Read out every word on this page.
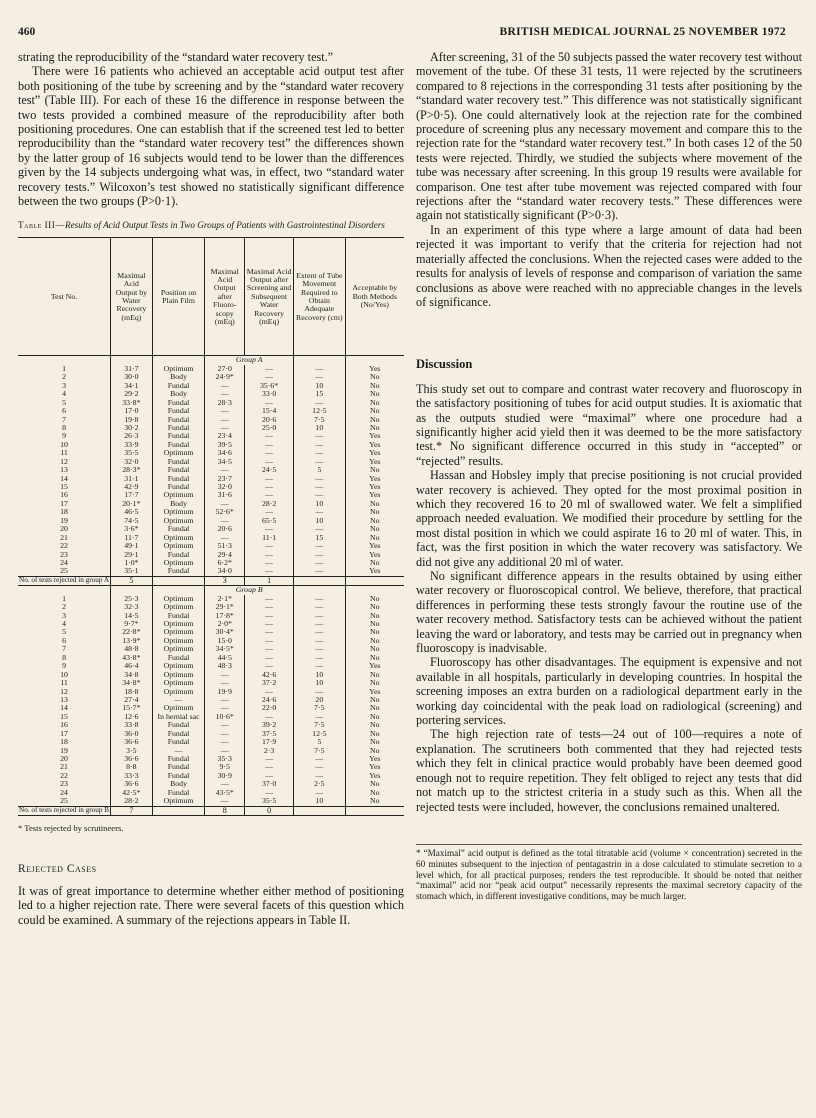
460	BRITISH MEDICAL JOURNAL 25 NOVEMBER 1972

strating the reproducibility of the “standard water recovery test.”

There were 16 patients who achieved an acceptable acid output test after both positioning of the tube by screening and by the “standard water recovery test” (Table III). For each of these 16 the difference in response between the two tests provided a combined measure of the reproducibility after both positioning procedures. One can establish that if the screened test led to better reproducibility than the “standard water recovery test” the differences shown by the latter group of 16 subjects would tend to be lower than the differences given by the 14 subjects undergoing what was, in effect, two “standard water recovery tests.” Wilcoxon’s test showed no statistically significant difference between the two groups (P>0·1).

Table III—Results of Acid Output Tests in Two Groups of Patients with Gastrointestinal Disorders
Test No.	Maximal Acid Output by Water Recovery (mEq)	Position on Plain Film	Maximal Acid Output after Fluoro-scopy (mEq)	Maximal Acid Output after Screening and Subsequent Water Recovery (mEq)	Extent of Tube Movement Required to Obtain Adequate Recovery (cm)	Acceptable by Both Methods (No/Yes)
			Group A			
1	31·7	Optimum	27·0	—	—	Yes
2	30·0	Body	24·9*	—	—	No
3	34·1	Fundal	—	35·6*	10	No
4	29·2	Body	—	33·0	15	No
5	33·8*	Fundal	28·3	—	—	No
6	17·0	Fundal	—	15·4	12·5	No
7	19·8	Fundal	—	20·6	7·5	No
8	30·2	Fundal	—	25·0	10	No
9	26·3	Fundal	23·4	—	—	Yes
10	33·9	Fundal	39·5	—	—	Yes
11	35·5	Optimum	34·6	—	—	Yes
12	32·0	Fundal	34·5	—	—	Yes
13	28·3*	Fundal	—	24·5	5	No
14	31·1	Fundal	23·7	—	—	Yes
15	42·9	Fundal	32·0	—	—	Yes
16	17·7	Optimum	31·6	—	—	Yes
17	20·1*	Body	—	28·2	10	No
18	46·5	Optimum	52·6*	—	—	No
19	74·5	Optimum	—	65·5	10	No
20	3·6*	Fundal	20·6	—	—	No
21	11·7	Optimum	—	11·1	15	No
22	49·1	Optimum	51·3	—	—	Yes
23	29·1	Fundal	29·4	—	—	Yes
24	1·0*	Optimum	6·2*	—	—	No
25	35·1	Fundal	34·0	—	—	Yes
No. of tests rejected in group A	5		3	1		
			Group B			
1	25·3	Optimum	2·1*	—	—	No
2	32·3	Optimum	29·1*	—	—	No
3	14·5	Fundal	17·8*	—	—	No
4	9·7*	Optimum	2·0*	—	—	No
5	22·8*	Optimum	30·4*	—	—	No
6	13·9*	Optimum	15·0	—	—	No
7	48·8	Optimum	34·5*	—	—	No
8	43·8*	Fundal	44·5	—	—	No
9	46·4	Optimum	48·3	—	—	Yes
10	34·8	Optimum	—	42·6	10	No
11	34·8*	Optimum	—	37·2	10	No
12	18·8	Optimum	19·9	—	—	Yes
13	27·4	—	—	24·6	20	No
14	15·7*	Optimum	—	22·0	7·5	No
15	12·6	In hernial sac	10·6*	—	—	No
16	33·8	Fundal	—	39·2	7·5	No
17	36·0	Fundal	—	37·5	12·5	No
18	36·6	Fundal	—	17·9	5	No
19	3·5	—	—	2·3	7·5	No
20	36·6	Fundal	35·3	—	—	Yes
21	8·8	Fundal	9·5	—	—	Yes
22	33·3	Fundal	30·9	—	—	Yes
23	36·6	Body	—	37·0	2·5	No
24	42·5*	Fundal	43·5*	—	—	No
25	28·2	Optimum	—	35·5	10	No
No. of tests rejected in group B	7		8	0		
* Tests rejected by scrutineers.
Rejected Cases

It was of great importance to determine whether either method of positioning led to a higher rejection rate. There were several facets of this question which could be examined. A summary of the rejections appears in Table II.

After screening, 31 of the 50 subjects passed the water recovery test without movement of the tube. Of these 31 tests, 11 were rejected by the scrutineers compared to 8 rejections in the corresponding 31 tests after positioning by the “standard water recovery test.” This difference was not statistically significant (P>0·5). One could alternatively look at the rejection rate for the combined procedure of screening plus any necessary movement and compare this to the rejection rate for the “standard water recovery test.” In both cases 12 of the 50 tests were rejected. Thirdly, we studied the subjects where movement of the tube was necessary after screening. In this group 19 results were available for comparison. One test after tube movement was rejected compared with four rejections after the “standard water recovery tests.” These differences were again not statistically significant (P>0·3).

In an experiment of this type where a large amount of data had been rejected it was important to verify that the criteria for rejection had not materially affected the conclusions. When the rejected cases were added to the results for analysis of levels of response and comparison of variation the same conclusions as above were reached with no appreciable changes in the levels of significance.

Discussion

This study set out to compare and contrast water recovery and fluoroscopy in the satisfactory positioning of tubes for acid output studies. It is axiomatic that as the outputs studied were “maximal” where one procedure had a significantly higher acid yield then it was deemed to be the more satisfactory test.* No significant difference occurred in this study in “accepted” or “rejected” results.

Hassan and Hobsley imply that precise positioning is not crucial provided water recovery is achieved. They opted for the most proximal position in which they recovered 16 to 20 ml of swallowed water. We felt a simplified approach needed evaluation. We modified their procedure by settling for the most distal position in which we could aspirate 16 to 20 ml of water. This, in fact, was the first position in which the water recovery was satisfactory. We did not give any additional 20 ml of water.

No significant difference appears in the results obtained by using either water recovery or fluoroscopical control. We believe, therefore, that practical differences in performing these tests strongly favour the routine use of the water recovery method. Satisfactory tests can be achieved without the patient leaving the ward or laboratory, and tests may be carried out in pregnancy when fluoroscopy is inadvisable.

Fluoroscopy has other disadvantages. The equipment is expensive and not available in all hospitals, particularly in developing countries. In hospital the screening imposes an extra burden on a radiological department early in the working day coincidental with the peak load on radiological (screening) and portering services.

The high rejection rate of tests—24 out of 100—requires a note of explanation. The scrutineers both commented that they had rejected tests which they felt in clinical practice would probably have been deemed good enough not to require repetition. They felt obliged to reject any tests that did not match up to the strictest criteria in a study such as this. When all the rejected tests were included, however, the conclusions remained unaltered.

* “Maximal” acid output is defined as the total titratable acid (volume × concentration) secreted in the 60 minutes subsequent to the injection of pentagastrin in a dose calculated to stimulate secretion to a level which, for all practical purposes, renders the test reproducible. It should be noted that neither “maximal” acid nor “peak acid output” necessarily represents the maximal secretory capacity of the stomach which, in different investigative conditions, may be much larger.
